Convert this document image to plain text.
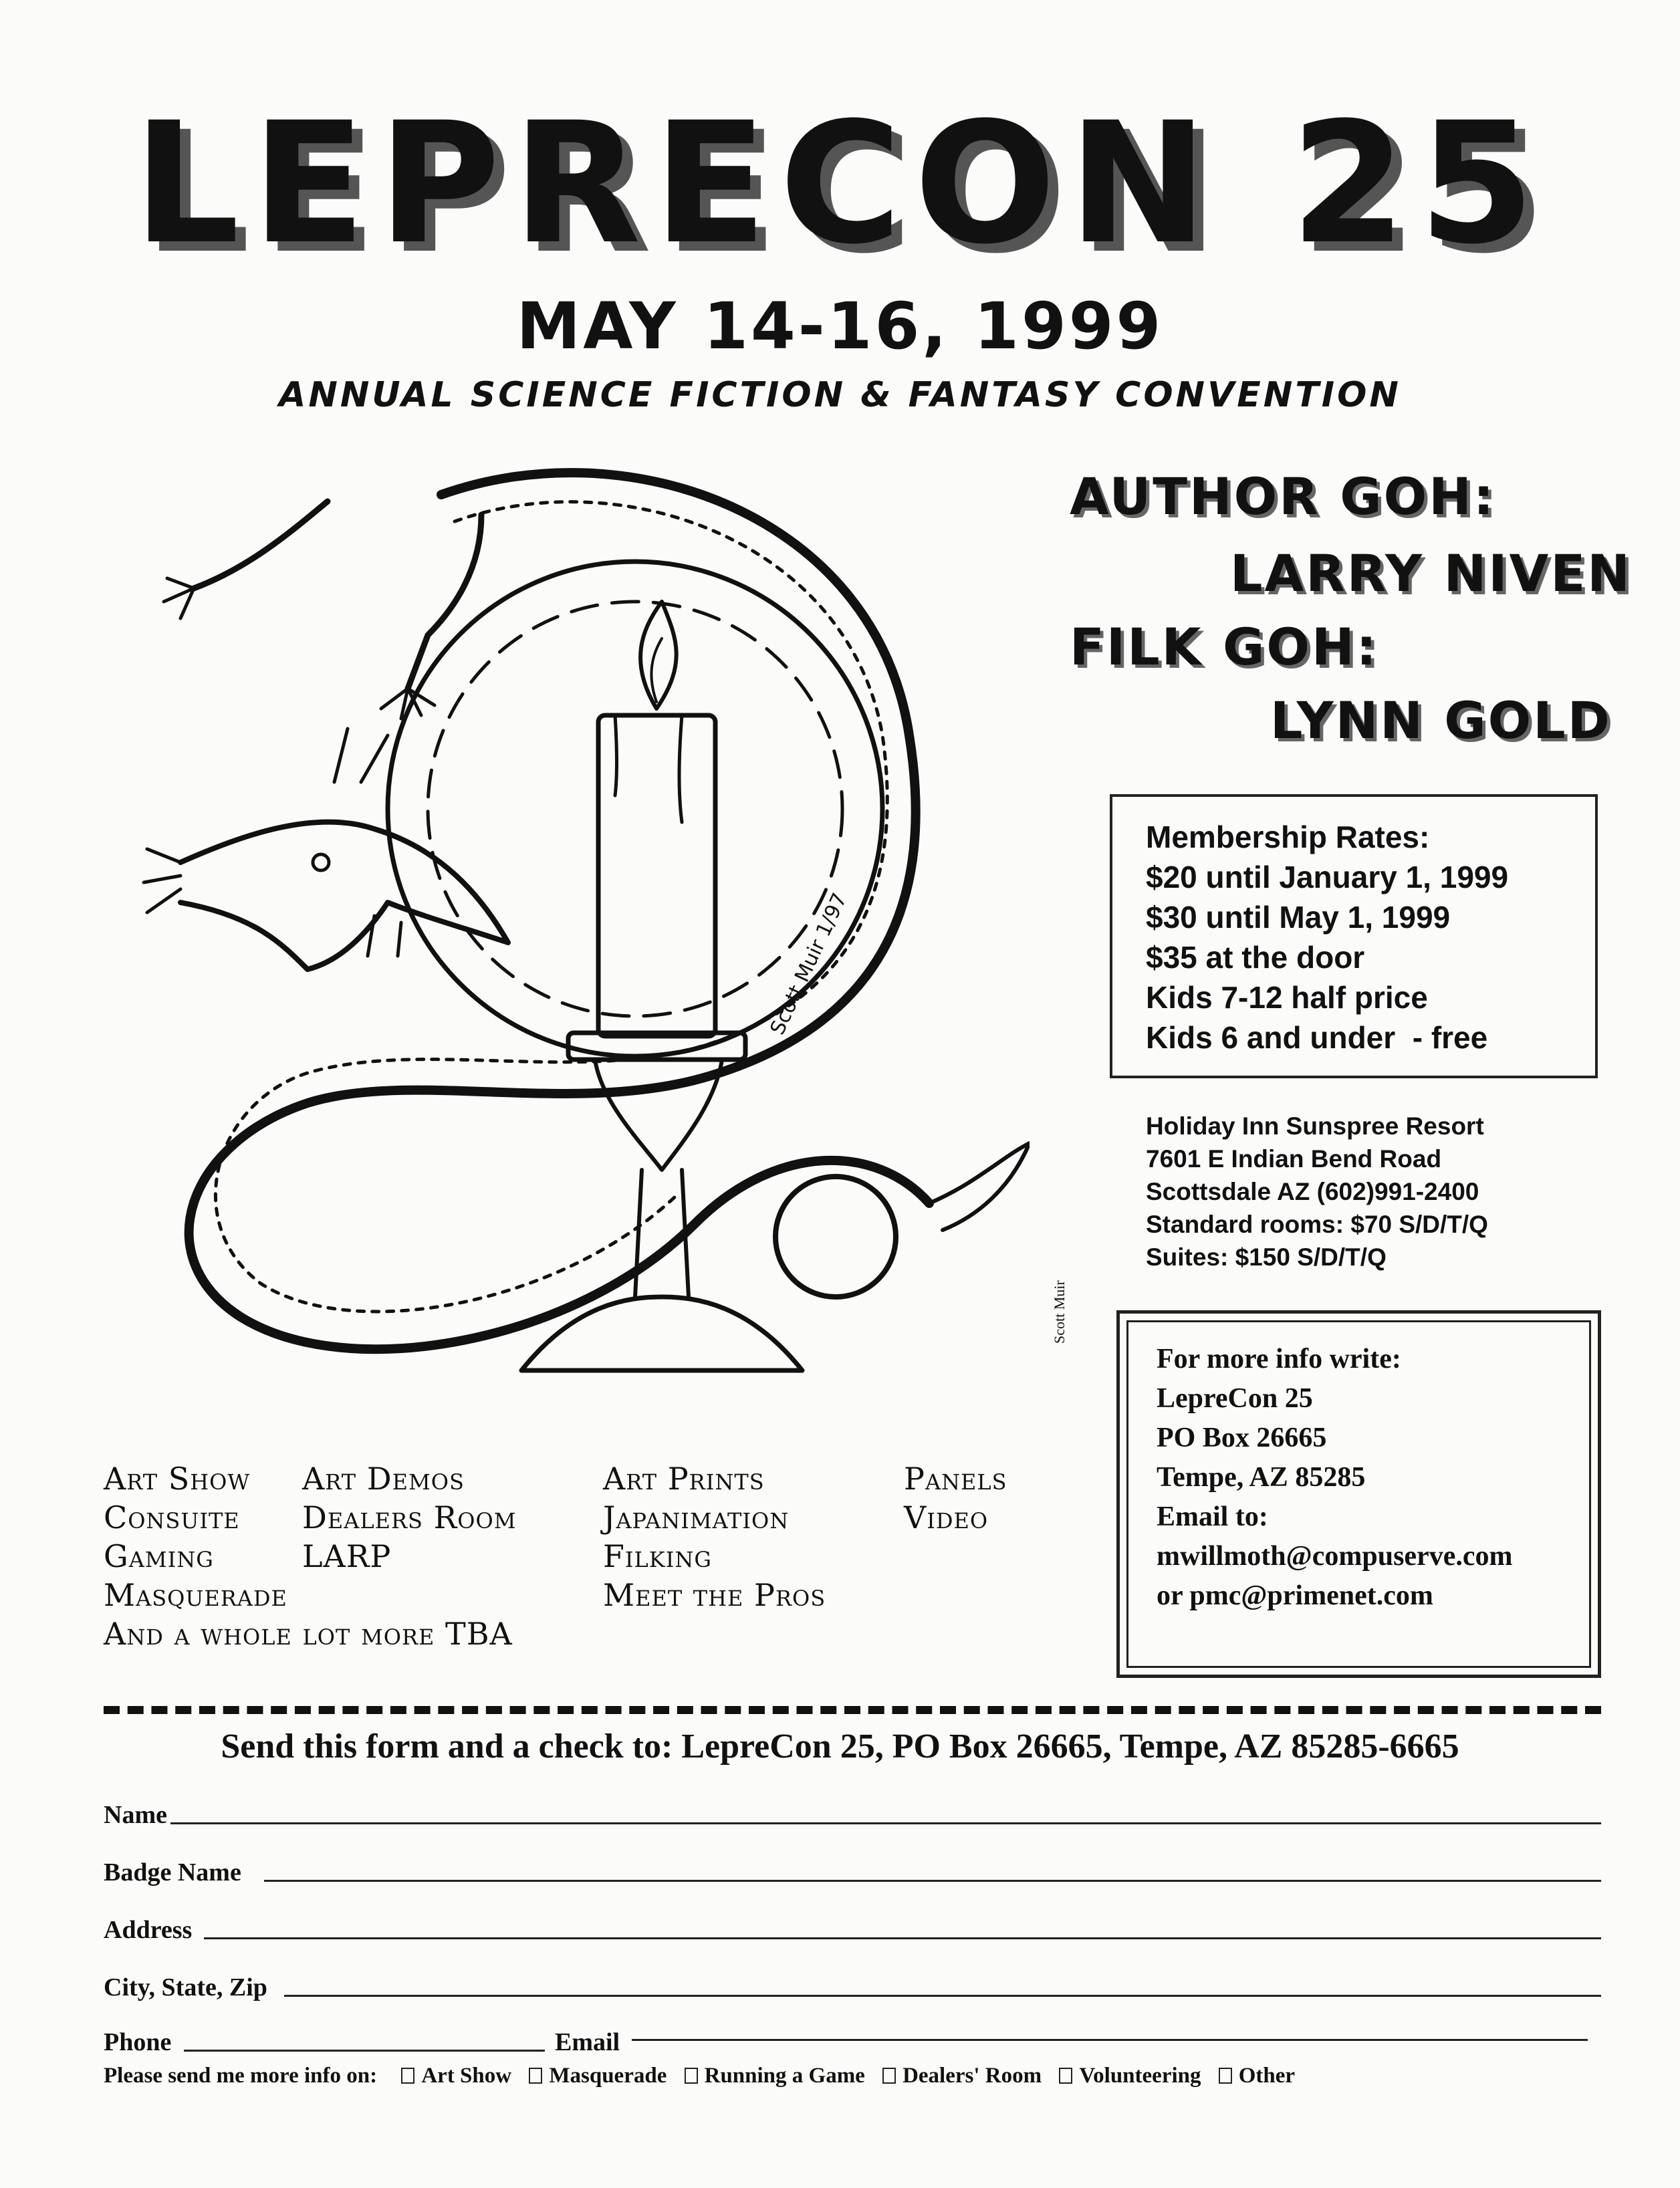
LEPRECON 25
MAY 14-16, 1999
ANNUAL SCIENCE FICTION & FANTASY CONVENTION
Scott Muir 1/97
Scott Muir
AUTHOR GOH:
LARRY NIVEN
FILK GOH:
LYNN GOLD
Membership Rates:
$20 until January 1, 1999
$30 until May 1, 1999
$35 at the door
Kids 7-12 half price
Kids 6 and under  - free
Holiday Inn Sunspree Resort
7601 E Indian Bend Road
Scottsdale AZ (602)991-2400
Standard rooms: $70 S/D/T/Q
Suites: $150 S/D/T/Q
For more info write:
LepreCon 25
PO Box 26665
Tempe, AZ 85285
Email to:
mwillmoth@compuserve.com
or pmc@primenet.com
Art Show
Consuite
Gaming
Masquerade
Art Demos
Dealers Room
LARP
Art Prints
Japanimation
Filking
Meet the Pros
Panels
Video
And a whole lot more TBA
Send this form and a check to: LepreCon 25, PO Box 26665, Tempe, AZ 85285-6665
Name
Badge Name
Address
City, State, Zip
Phone	Email
Please send me more info on: Art Show Masquerade Running a Game Dealers' Room Volunteering Other
